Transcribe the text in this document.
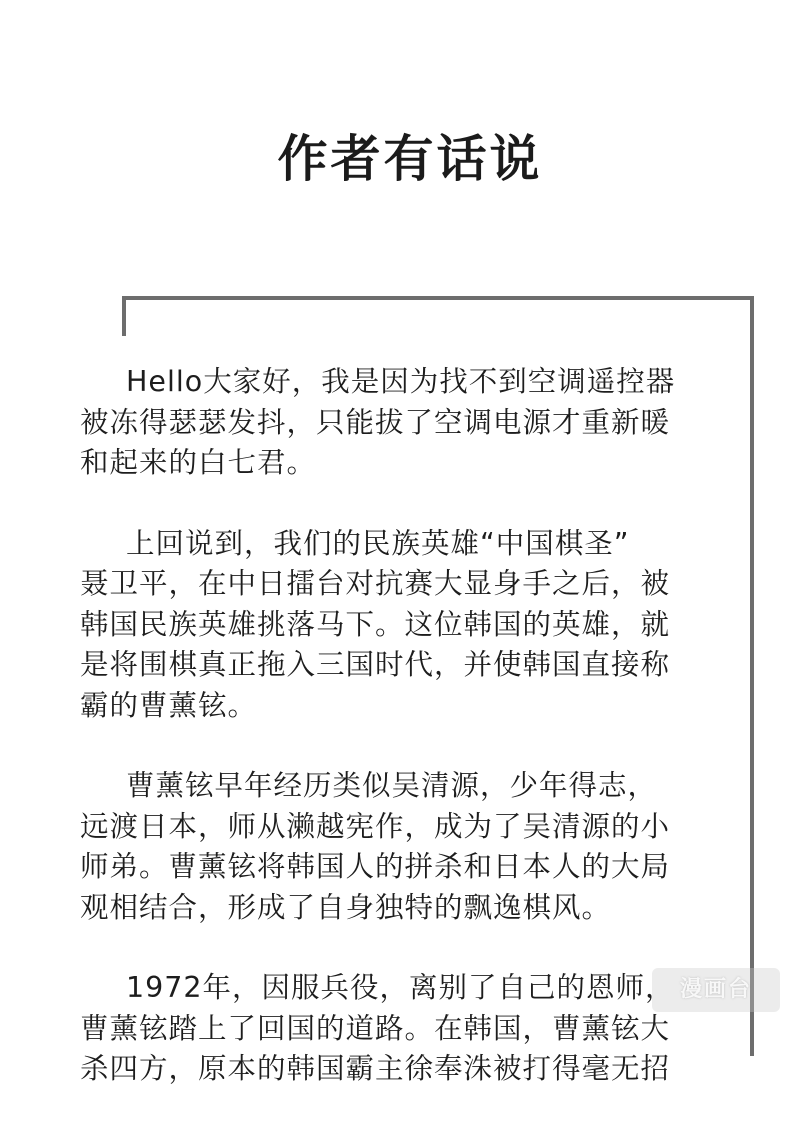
作者有话说
Hello大家好，我是因为找不到空调遥控器
被冻得瑟瑟发抖，只能拔了空调电源才重新暖
和起来的白七君。
上回说到，我们的民族英雄“中国棋圣”
聂卫平，在中日擂台对抗赛大显身手之后，被
韩国民族英雄挑落马下。这位韩国的英雄，就
是将围棋真正拖入三国时代，并使韩国直接称
霸的曹薰铉。
曹薰铉早年经历类似吴清源，少年得志，
远渡日本，师从濑越宪作，成为了吴清源的小
师弟。曹薰铉将韩国人的拼杀和日本人的大局
观相结合，形成了自身独特的飘逸棋风。
1972年，因服兵役，离别了自己的恩师，
曹薰铉踏上了回国的道路。在韩国，曹薰铉大
杀四方，原本的韩国霸主徐奉洙被打得毫无招
漫画台
